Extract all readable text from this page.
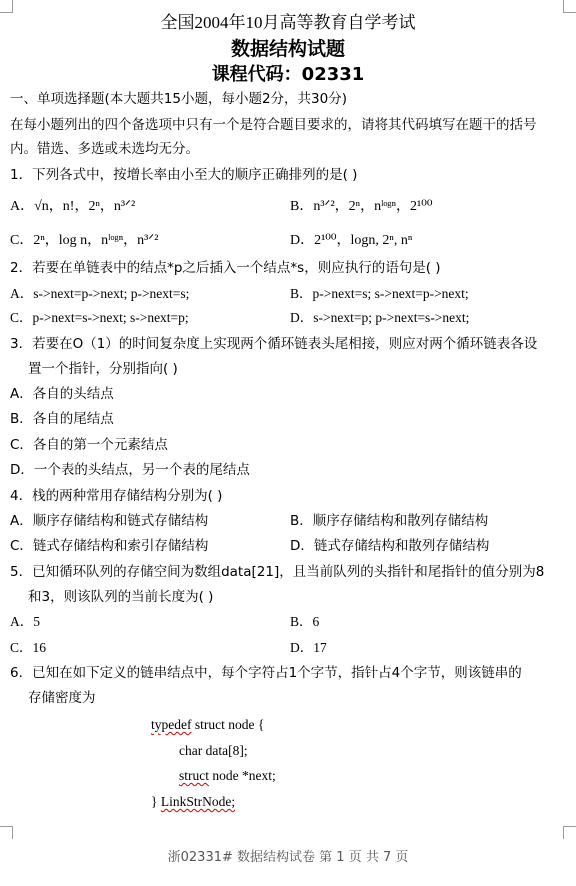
全国2004年10月高等教育自学考试
数据结构试题
课程代码：02331
一、单项选择题(本大题共15小题，每小题2分，共30分)
在每小题列出的四个备选项中只有一个是符合题目要求的，请将其代码填写在题干的括号
内。错选、多选或未选均无分。
1．下列各式中，按增长率由小至大的顺序正确排列的是( )
A．√n，n!，2ⁿ，n³ᐟ²	B．n³ᐟ²，2ⁿ，nˡᵒᵍⁿ，2¹⁰⁰
C．2ⁿ，log n，nˡᵒᵍⁿ，n³ᐟ²	D．2¹⁰⁰，logn, 2ⁿ, nⁿ
2．若要在单链表中的结点*p之后插入一个结点*s，则应执行的语句是( )
A．s->next=p->next; p->next=s;	B．p->next=s; s->next=p->next;
C．p->next=s->next; s->next=p;	D．s->next=p; p->next=s->next;
3．若要在O（1）的时间复杂度上实现两个循环链表头尾相接，则应对两个循环链表各设
置一个指针，分别指向( )
A．各自的头结点
B．各自的尾结点
C．各自的第一个元素结点
D．一个表的头结点，另一个表的尾结点
4．栈的两种常用存储结构分别为( )
A．顺序存储结构和链式存储结构	B．顺序存储结构和散列存储结构
C．链式存储结构和索引存储结构	D．链式存储结构和散列存储结构
5．已知循环队列的存储空间为数组data[21]，且当前队列的头指针和尾指针的值分别为8
和3，则该队列的当前长度为( )
A．5	B．6
C．16	D．17
6．已知在如下定义的链串结点中，每个字符占1个字节，指针占4个字节，则该链串的
存储密度为
typedef struct node {
char data[8];
struct node *next;
} LinkStrNode;
浙02331# 数据结构试卷 第 1 页 共 7 页
